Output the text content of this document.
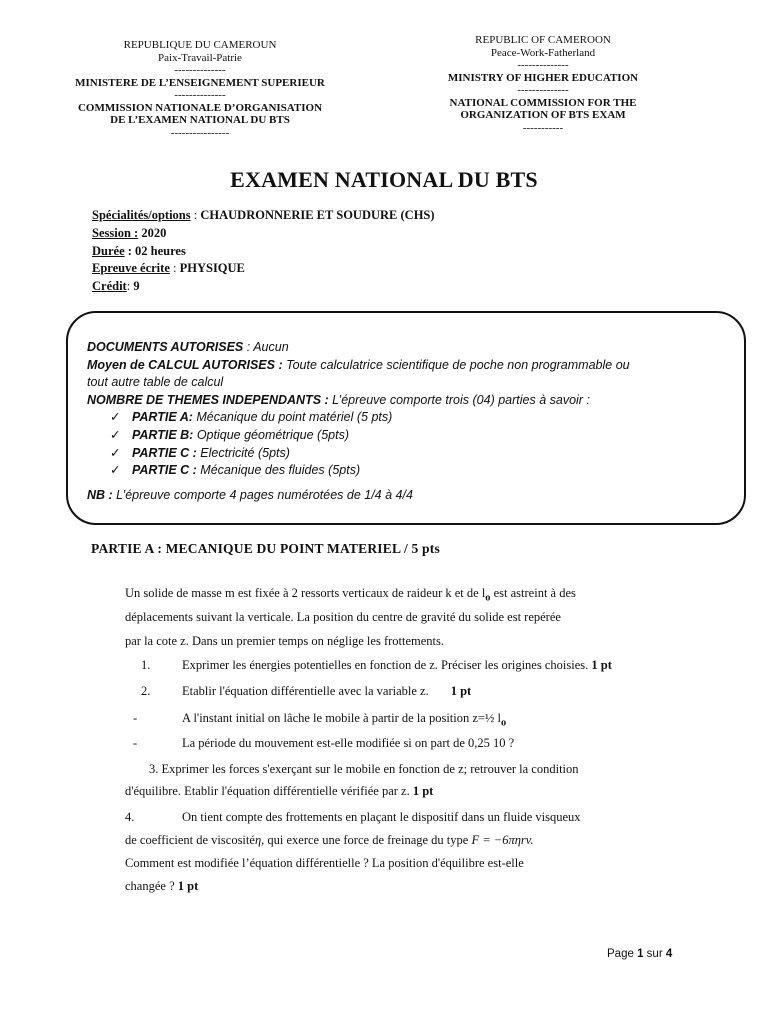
REPUBLIQUE DU CAMEROUN
Paix-Travail-Patrie
--------------
MINISTERE DE L’ENSEIGNEMENT SUPERIEUR
--------------
COMMISSION NATIONALE D’ORGANISATION
DE L’EXAMEN NATIONAL DU BTS
----------------
REPUBLIC OF CAMEROON
Peace-Work-Fatherland
--------------
MINISTRY OF HIGHER EDUCATION
--------------
NATIONAL COMMISSION FOR THE
ORGANIZATION OF BTS EXAM
-----------
EXAMEN NATIONAL DU BTS
Spécialités/options : CHAUDRONNERIE ET SOUDURE (CHS)
Session : 2020
Durée : 02 heures
Epreuve écrite : PHYSIQUE
Crédit: 9
DOCUMENTS AUTORISES : Aucun
Moyen de CALCUL AUTORISES : Toute calculatrice scientifique de poche non programmable ou
tout autre table de calcul
NOMBRE DE THEMES INDEPENDANTS : L’épreuve comporte trois (04) parties à savoir :
✓ PARTIE A: Mécanique du point matériel (5 pts)
✓ PARTIE B: Optique géométrique (5pts)
✓ PARTIE C : Electricité (5pts)
✓ PARTIE C : Mécanique des fluides (5pts)
NB : L’épreuve comporte 4 pages numérotées de 1/4 à 4/4
PARTIE A : MECANIQUE DU POINT MATERIEL / 5 pts
Un solide de masse m est fixée à 2 ressorts verticaux de raideur k et de $l_o$ est astreint à des
déplacements suivant la verticale. La position du centre de gravité du solide est repérée
par la cote z. Dans un premier temps on néglige les frottements.
1.	Exprimer les énergies potentielles en fonction de z. Préciser les origines choisies. 1 pt
2.	Etablir l'équation différentielle avec la variable z. 1 pt
-	A l'instant initial on lâche le mobile à partir de la position z=½ $l_o$
-	La période du mouvement est-elle modifiée si on part de 0,25 10 ?
3. Exprimer les forces s'exerçant sur le mobile en fonction de z; retrouver la condition
d'équilibre. Etablir l'équation différentielle vérifiée par z. 1 pt
4.	On tient compte des frottements en plaçant le dispositif dans un fluide visqueux
de coefficient de viscositéη, qui exerce une force de freinage du type F = −6πηrv.
Comment est modifiée l’équation différentielle ? La position d'équilibre est-elle
changée ? 1 pt
Page 1 sur 4
